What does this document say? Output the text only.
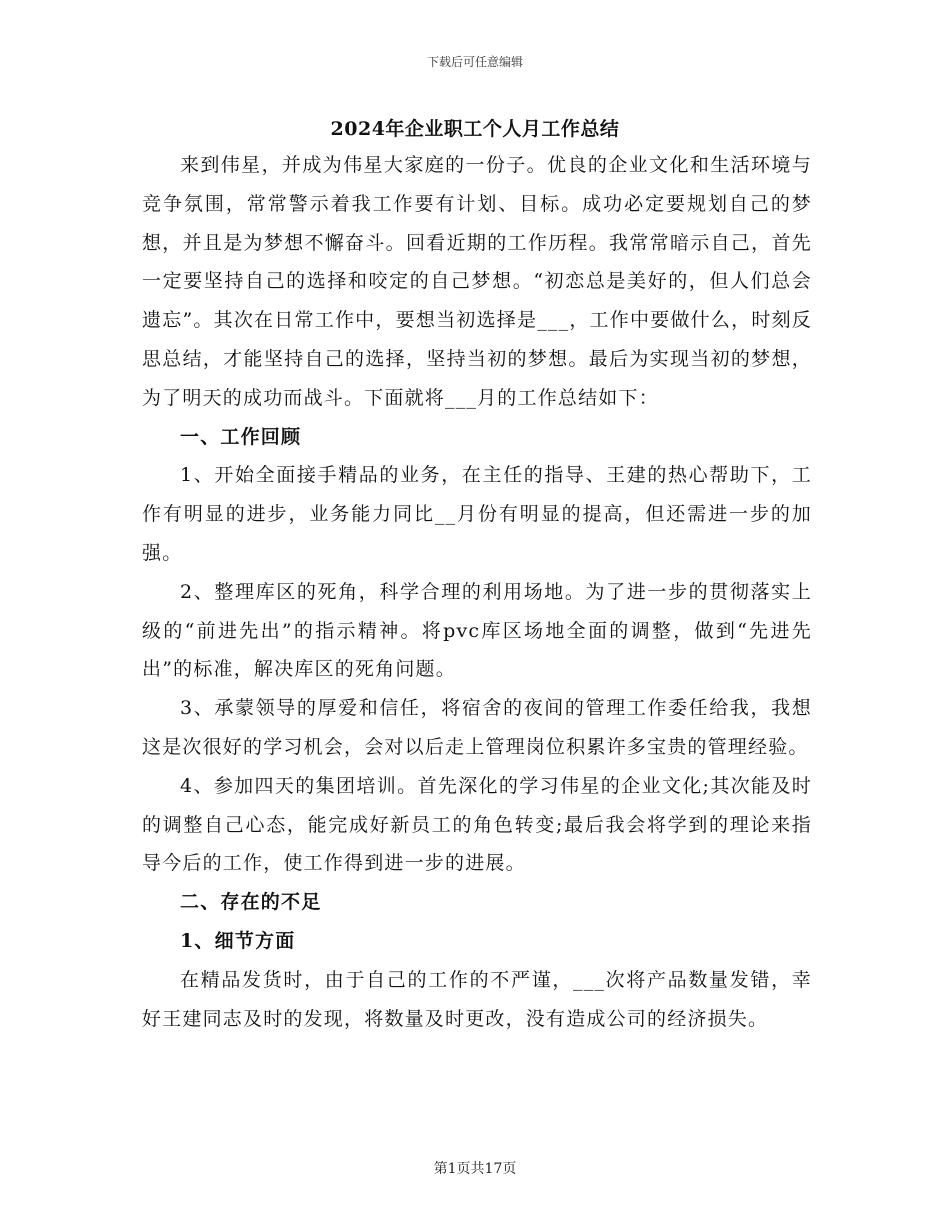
下载后可任意编辑
2024年企业职工个人月工作总结

来到伟星，并成为伟星大家庭的一份子。优良的企业文化和生活环境与竞争氛围，常常警示着我工作要有计划、目标。成功必定要规划自己的梦想，并且是为梦想不懈奋斗。回看近期的工作历程。我常常暗示自己，首先一定要坚持自己的选择和咬定的自己梦想。“初恋总是美好的，但人们总会遗忘”。其次在日常工作中，要想当初选择是___，工作中要做什么，时刻反思总结，才能坚持自己的选择，坚持当初的梦想。最后为实现当初的梦想，为了明天的成功而战斗。下面就将___月的工作总结如下：

一、工作回顾

1、开始全面接手精品的业务，在主任的指导、王建的热心帮助下，工作有明显的进步，业务能力同比__月份有明显的提高，但还需进一步的加强。

2、整理库区的死角，科学合理的利用场地。为了进一步的贯彻落实上级的“前进先出”的指示精神。将pvc库区场地全面的调整，做到“先进先出”的标准，解决库区的死角问题。

3、承蒙领导的厚爱和信任，将宿舍的夜间的管理工作委任给我，我想这是次很好的学习机会，会对以后走上管理岗位积累许多宝贵的管理经验。

4、参加四天的集团培训。首先深化的学习伟星的企业文化;其次能及时的调整自己心态，能完成好新员工的角色转变;最后我会将学到的理论来指导今后的工作，使工作得到进一步的进展。

二、存在的不足
1、细节方面

在精品发货时，由于自己的工作的不严谨，___次将产品数量发错，幸好王建同志及时的发现，将数量及时更改，没有造成公司的经济损失。

第1页共17页
